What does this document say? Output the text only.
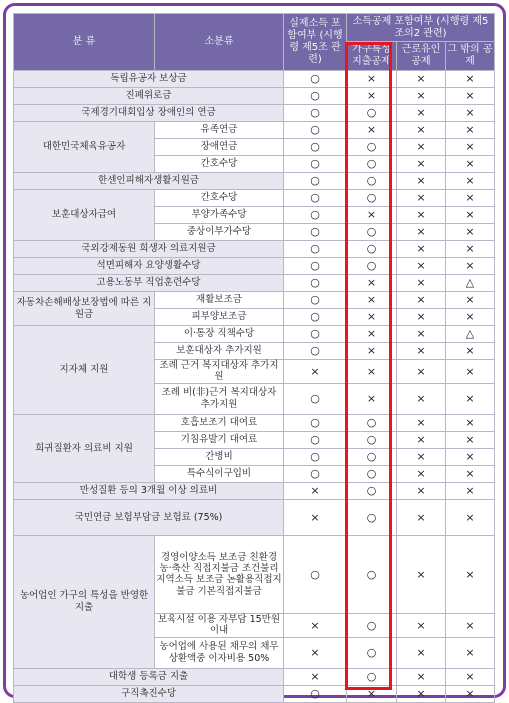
분 류	소분류	실제소득 포함여부 (시행령 제5조 관련)	소득공제 포함여부 (시행령 제5조의2 관련)		
			가구특성 지출공제	근로유인 공제	그 밖의 공제
독립유공자 보상금		○	×	×	×
진폐위로금		○	×	×	×
국제경기대회입상 장애인의 연금		○	○	×	×
대한민국체육유공자	유족연금	○	×	×	×
	장애연금	○	○	×	×
	간호수당	○	○	×	×
한센인피해자생활지원금		○	○	×	×
보훈대상자급여	간호수당	○	○	×	×
	부양가족수당	○	×	×	×
	중상이부가수당	○	○	×	×
국외강제동원 희생자 의료지원금		○	○	×	×
석면피해자 요양생활수당		○	○	×	×
고용노동부 직업훈련수당		○	×	×	△
자동차손해배상보장법에 따른 지원금	재활보조금	○	×	×	×
	피부양보조금	○	×	×	×
지자체 지원	이·통장 직책수당	○	×	×	△
	보훈대상자 추가지원	○	×	×	×
	조례 근거 복지대상자 추가지원	×	×	×	×
	조례 비(非)근거 복지대상자 추가지원	○	×	×	×
희귀질환자 의료비 지원	호흡보조기 대여료	○	○	×	×
	기침유발기 대여료	○	○	×	×
	간병비	○	○	×	×
	특수식이구입비	○	○	×	×
만성질환 등의 3개월 이상 의료비		×	○	×	×
국민연금 보험부담금 보험료 (75%)		×	○	×	×
농어업인 가구의 특성을 반영한 지출	경영이양소득 보조금 친환경 농·축산 직접지불금 조건불리지역소득 보조금 논활용직접지불금 기본직접지불금	○	○	×	×
	보육시설 이용 자부담 15만원 이내	×	○	×	×
	농어업에 사용된 채무의 채무상환액중 이자비용 50%	×	○	×	×
대학생 등록금 지출		×	○	×	×
구직촉진수당		○	×	×	×
